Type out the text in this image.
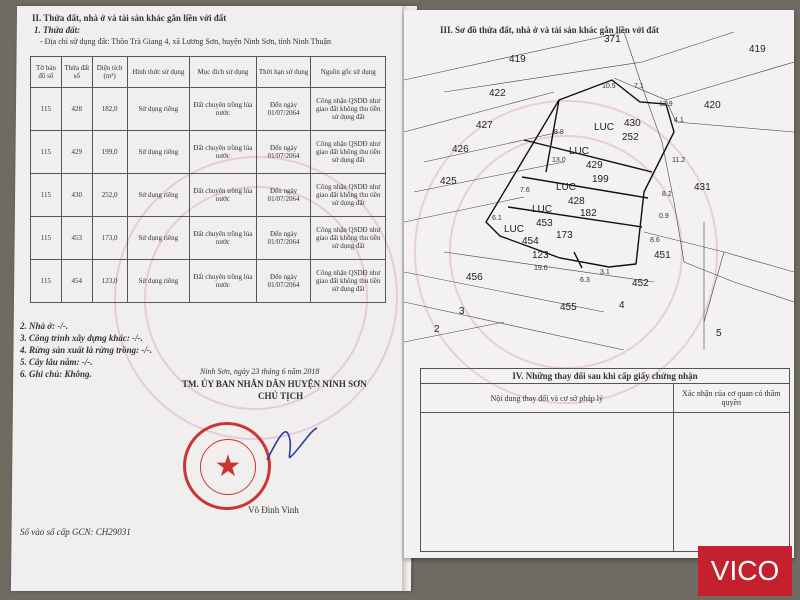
II. Thửa đất, nhà ở và tài sản khác gắn liền với đất
1. Thửa đất:
- Địa chỉ sử dụng đất: Thôn Trà Giang 4, xã Lương Sơn, huyện Ninh Sơn, tỉnh Ninh Thuận
Tờ bản đồ số	Thửa đất số	Diện tích (m²)	Hình thức sử dụng	Mục đích sử dụng	Thời hạn sử dụng	Nguồn gốc sử dụng
115	428	182,0	Sử dụng riêng	Đất chuyên trồng lúa nước	Đến ngày 01/07/2064	Công nhận QSDĐ như giao đất không thu tiền sử dụng đất
115	429	199,0	Sử dụng riêng	Đất chuyên trồng lúa nước	Đến ngày 01/07/2064	Công nhận QSDĐ như giao đất không thu tiền sử dụng đất
115	430	252,0	Sử dụng riêng	Đất chuyên trồng lúa nước	Đến ngày 01/07/2064	Công nhận QSDĐ như giao đất không thu tiền sử dụng đất
115	453	173,0	Sử dụng riêng	Đất chuyên trồng lúa nước	Đến ngày 01/07/2064	Công nhận QSDĐ như giao đất không thu tiền sử dụng đất
115	454	123,0	Sử dụng riêng	Đất chuyên trồng lúa nước	Đến ngày 01/07/2064	Công nhận QSDĐ như giao đất không thu tiền sử dụng đất
2. Nhà ở: -/-.
3. Công trình xây dựng khác: -/-.
4. Rừng sản xuất là rừng trồng: -/-.
5. Cây lâu năm: -/-.
6. Ghi chú: Không.	Ninh Sơn, ngày 23 tháng 6 năm 2018
TM. ỦY BAN NHÂN DÂN HUYỆN NINH SƠN
CHỦ TỊCH
★
Võ Đình Vinh
Số vào sổ cấp GCN: CH29031
III. Sơ đồ thửa đất, nhà ở và tài sản khác gắn liền với đất
419
371
419
422
420
427
426
425
431
451
452
456
455
3
2
4
5
LUC 430
252
LUC
429
199
LUC
428
182
LUC
453
173
LUC
454
123
10.5	7.1
13.9
8.8
4.1
11.2
7.6
8.2
0.9
6.1
8.6
19.6
6.3
3.1
13.0
IV. Những thay đổi sau khi cấp giấy chứng nhận	
Nội dung thay đổi và cơ sở pháp lý	Xác nhận của cơ quan có thẩm quyền

VICO
